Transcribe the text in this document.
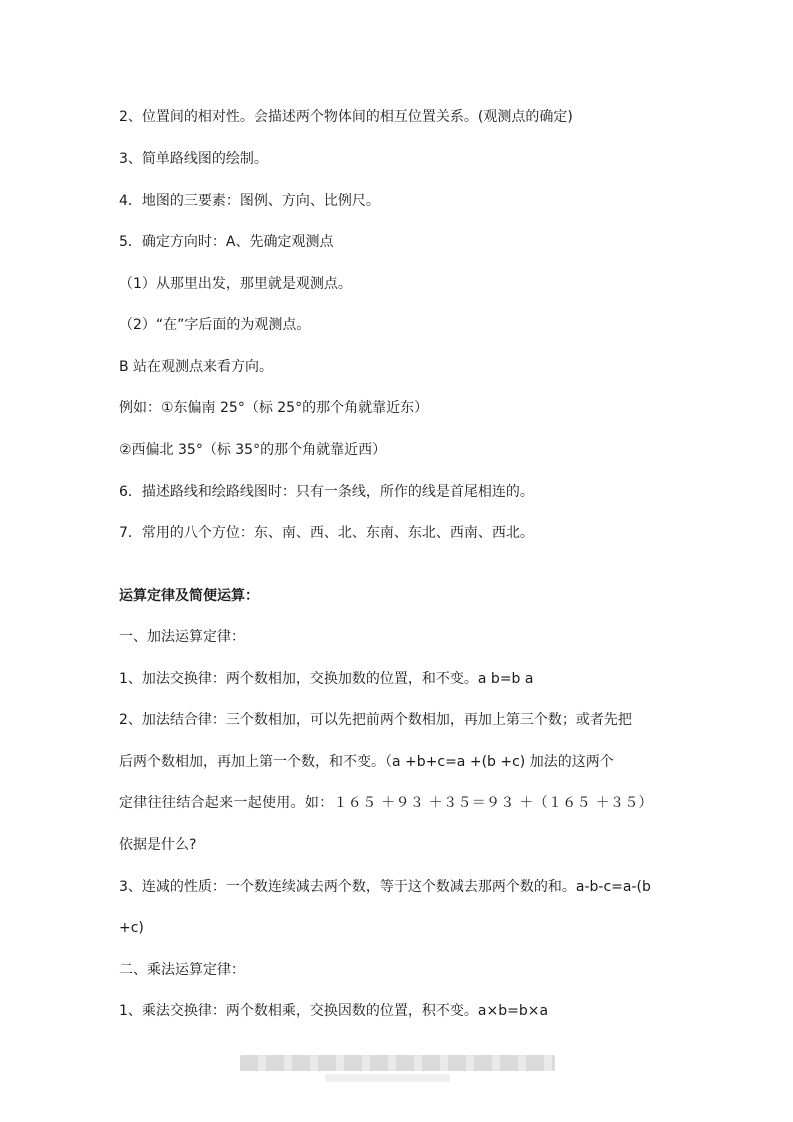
2、位置间的相对性。会描述两个物体间的相互位置关系。(观测点的确定)
3、简单路线图的绘制。
4．地图的三要素：图例、方向、比例尺。
5．确定方向时：A、先确定观测点
（1）从那里出发，那里就是观测点。
（2）“在”字后面的为观测点。
B 站在观测点来看方向。
例如：①东偏南 25°（标 25°的那个角就靠近东）
②西偏北 35°（标 35°的那个角就靠近西）
6．描述路线和绘路线图时：只有一条线，所作的线是首尾相连的。
7．常用的八个方位：东、南、西、北、东南、东北、西南、西北。
运算定律及简便运算：
一、加法运算定律：
1、加法交换律：两个数相加，交换加数的位置，和不变。a b=b a
2、加法结合律：三个数相加，可以先把前两个数相加，再加上第三个数；或者先把
后两个数相加，再加上第一个数，和不变。（a +b+c=a +(b +c) 加法的这两个
定律往往结合起来一起使用。如：１６５ ＋９３ ＋３５＝９３ ＋（１６５ ＋３５）
依据是什么?
3、连减的性质：一个数连续减去两个数，等于这个数减去那两个数的和。a-b-c=a-(b
+c)
二、乘法运算定律：
1、乘法交换律：两个数相乘，交换因数的位置，积不变。a×b=b×a
